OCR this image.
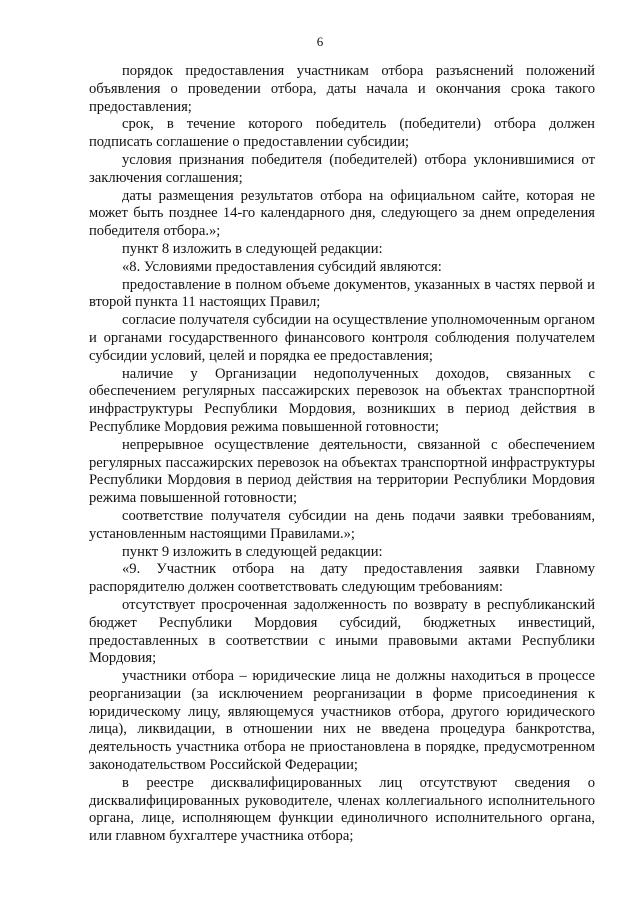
6

порядок предоставления участникам отбора разъяснений положений объявления о проведении отбора, даты начала и окончания срока такого предоставления;

срок, в течение которого победитель (победители) отбора должен подписать соглашение о предоставлении субсидии;

условия признания победителя (победителей) отбора уклонившимися от заключения соглашения;

даты размещения результатов отбора на официальном сайте, которая не может быть позднее 14-го календарного дня, следующего за днем определения победителя отбора.»;

пункт 8 изложить в следующей редакции:

«8. Условиями предоставления субсидий являются:

предоставление в полном объеме документов, указанных в частях первой и второй пункта 11 настоящих Правил;

согласие получателя субсидии на осуществление уполномоченным органом и органами государственного финансового контроля соблюдения получателем субсидии условий, целей и порядка ее предоставления;

наличие у Организации недополученных доходов, связанных с обеспечением регулярных пассажирских перевозок на объектах транспортной инфраструктуры Республики Мордовия, возникших в период действия в Республике Мордовия режима повышенной готовности;

непрерывное осуществление деятельности, связанной с обеспечением регулярных пассажирских перевозок на объектах транспортной инфраструктуры Республики Мордовия в период действия на территории Республики Мордовия режима повышенной готовности;

соответствие получателя субсидии на день подачи заявки требованиям, установленным настоящими Правилами.»;

пункт 9 изложить в следующей редакции:

«9. Участник отбора на дату предоставления заявки Главному распорядителю должен соответствовать следующим требованиям:

отсутствует просроченная задолженность по возврату в республиканский бюджет Республики Мордовия субсидий, бюджетных инвестиций, предоставленных в соответствии с иными правовыми актами Республики Мордовия;

участники отбора – юридические лица не должны находиться в процессе реорганизации (за исключением реорганизации в форме присоединения к юридическому лицу, являющемуся участников отбора, другого юридического лица), ликвидации, в отношении них не введена процедура банкротства, деятельность участника отбора не приостановлена в порядке, предусмотренном законодательством Российской Федерации;

в реестре дисквалифицированных лиц отсутствуют сведения о дисквалифицированных руководителе, членах коллегиального исполнительного органа, лице, исполняющем функции единоличного исполнительного органа, или главном бухгалтере участника отбора;
